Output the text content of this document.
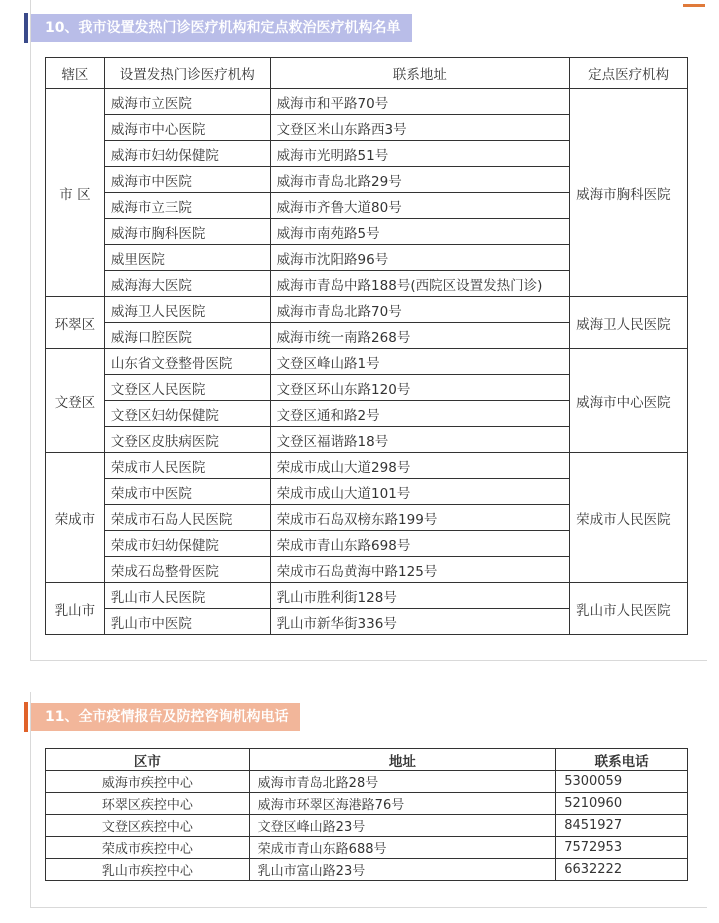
10、我市设置发热门诊医疗机构和定点救治医疗机构名单
辖区	设置发热门诊医疗机构	联系地址	定点医疗机构
市 区	威海市立医院	威海市和平路70号	威海市胸科医院
	威海市中心医院	文登区米山东路西3号	
	威海市妇幼保健院	威海市光明路51号	
	威海市中医院	威海市青岛北路29号	
	威海市立三院	威海市齐鲁大道80号	
	威海市胸科医院	威海市南苑路5号	
	威里医院	威海市沈阳路96号	
	威海海大医院	威海市青岛中路188号(西院区设置发热门诊)	
环翠区	威海卫人民医院	威海市青岛北路70号	威海卫人民医院
	威海口腔医院	威海市统一南路268号	
文登区	山东省文登整骨医院	文登区峰山路1号	威海市中心医院
	文登区人民医院	文登区环山东路120号	
	文登区妇幼保健院	文登区通和路2号	
	文登区皮肤病医院	文登区福谐路18号	
荣成市	荣成市人民医院	荣成市成山大道298号	荣成市人民医院
	荣成市中医院	荣成市成山大道101号	
	荣成市石岛人民医院	荣成市石岛双榜东路199号	
	荣成市妇幼保健院	荣成市青山东路698号	
	荣成石岛整骨医院	荣成市石岛黄海中路125号	
乳山市	乳山市人民医院	乳山市胜利街128号	乳山市人民医院
	乳山市中医院	乳山市新华街336号	
11、全市疫情报告及防控咨询机构电话
区市	地址	联系电话
威海市疾控中心	威海市青岛北路28号	5300059
环翠区疾控中心	威海市环翠区海港路76号	5210960
文登区疾控中心	文登区峰山路23号	8451927
荣成市疾控中心	荣成市青山东路688号	7572953
乳山市疾控中心	乳山市富山路23号	6632222
